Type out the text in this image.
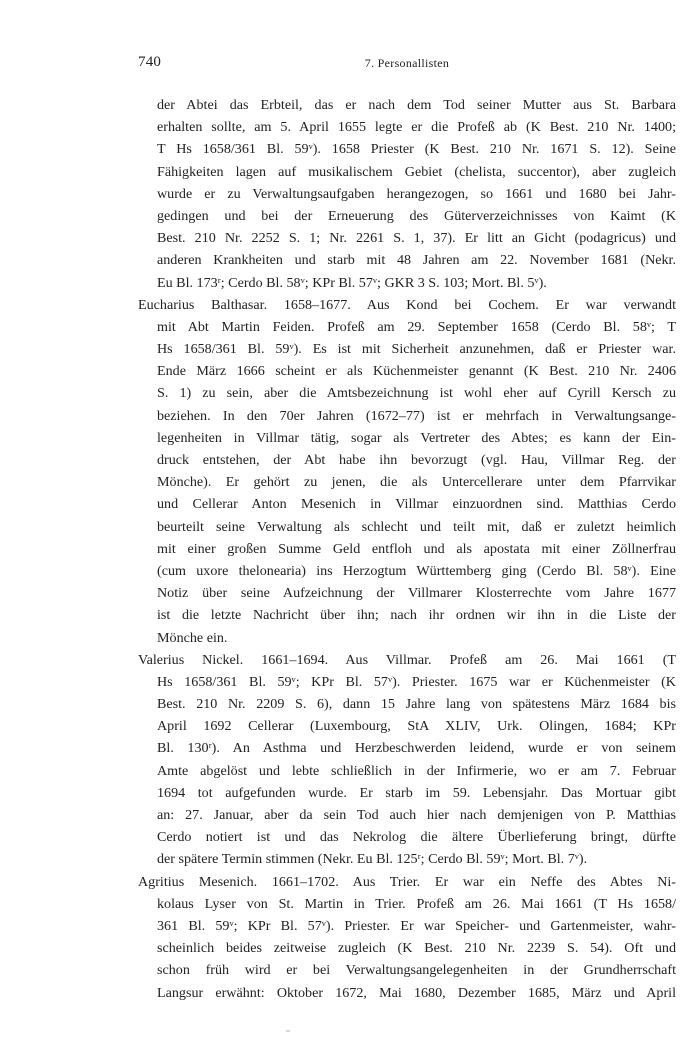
740	7. Personallisten
der Abtei das Erbteil, das er nach dem Tod seiner Mutter aus St. Barbara
erhalten sollte, am 5. April 1655 legte er die Profeß ab (K Best. 210 Nr. 1400;
T Hs 1658/361 Bl. 59ᵛ). 1658 Priester (K Best. 210 Nr. 1671 S. 12). Seine
Fähigkeiten lagen auf musikalischem Gebiet (chelista, succentor), aber zugleich
wurde er zu Verwaltungsaufgaben herangezogen, so 1661 und 1680 bei Jahr-
gedingen und bei der Erneuerung des Güterverzeichnisses von Kaimt (K
Best. 210 Nr. 2252 S. 1; Nr. 2261 S. 1, 37). Er litt an Gicht (podagricus) und
anderen Krankheiten und starb mit 48 Jahren am 22. November 1681 (Nekr.
Eu Bl. 173ʳ; Cerdo Bl. 58ᵛ; KPr Bl. 57ᵛ; GKR 3 S. 103; Mort. Bl. 5ᵛ).
Eucharius Balthasar. 1658–1677. Aus Kond bei Cochem. Er war verwandt
mit Abt Martin Feiden. Profeß am 29. September 1658 (Cerdo Bl. 58ᵛ; T
Hs 1658/361 Bl. 59ᵛ). Es ist mit Sicherheit anzunehmen, daß er Priester war.
Ende März 1666 scheint er als Küchenmeister genannt (K Best. 210 Nr. 2406
S. 1) zu sein, aber die Amtsbezeichnung ist wohl eher auf Cyrill Kersch zu
beziehen. In den 70er Jahren (1672–77) ist er mehrfach in Verwaltungsange-
legenheiten in Villmar tätig, sogar als Vertreter des Abtes; es kann der Ein-
druck entstehen, der Abt habe ihn bevorzugt (vgl. Hau, Villmar Reg. der
Mönche). Er gehört zu jenen, die als Untercellerare unter dem Pfarrvikar
und Cellerar Anton Mesenich in Villmar einzuordnen sind. Matthias Cerdo
beurteilt seine Verwaltung als schlecht und teilt mit, daß er zuletzt heimlich
mit einer großen Summe Geld entfloh und als apostata mit einer Zöllnerfrau
(cum uxore thelonearia) ins Herzogtum Württemberg ging (Cerdo Bl. 58ᵛ). Eine
Notiz über seine Aufzeichnung der Villmarer Klosterrechte vom Jahre 1677
ist die letzte Nachricht über ihn; nach ihr ordnen wir ihn in die Liste der
Mönche ein.
Valerius Nickel. 1661–1694. Aus Villmar. Profeß am 26. Mai 1661 (T
Hs 1658/361 Bl. 59ᵛ; KPr Bl. 57ᵛ). Priester. 1675 war er Küchenmeister (K
Best. 210 Nr. 2209 S. 6), dann 15 Jahre lang von spätestens März 1684 bis
April 1692 Cellerar (Luxembourg, StA XLIV, Urk. Olingen, 1684; KPr
Bl. 130ʳ). An Asthma und Herzbeschwerden leidend, wurde er von seinem
Amte abgelöst und lebte schließlich in der Infirmerie, wo er am 7. Februar
1694 tot aufgefunden wurde. Er starb im 59. Lebensjahr. Das Mortuar gibt
an: 27. Januar, aber da sein Tod auch hier nach demjenigen von P. Matthias
Cerdo notiert ist und das Nekrolog die ältere Überlieferung bringt, dürfte
der spätere Termin stimmen (Nekr. Eu Bl. 125ʳ; Cerdo Bl. 59ᵛ; Mort. Bl. 7ᵛ).
Agritius Mesenich. 1661–1702. Aus Trier. Er war ein Neffe des Abtes Ni-
kolaus Lyser von St. Martin in Trier. Profeß am 26. Mai 1661 (T Hs 1658/
361 Bl. 59ᵛ; KPr Bl. 57ᵛ). Priester. Er war Speicher- und Gartenmeister, wahr-
scheinlich beides zeitweise zugleich (K Best. 210 Nr. 2239 S. 54). Oft und
schon früh wird er bei Verwaltungsangelegenheiten in der Grundherrschaft
Langsur erwähnt: Oktober 1672, Mai 1680, Dezember 1685, März und April
